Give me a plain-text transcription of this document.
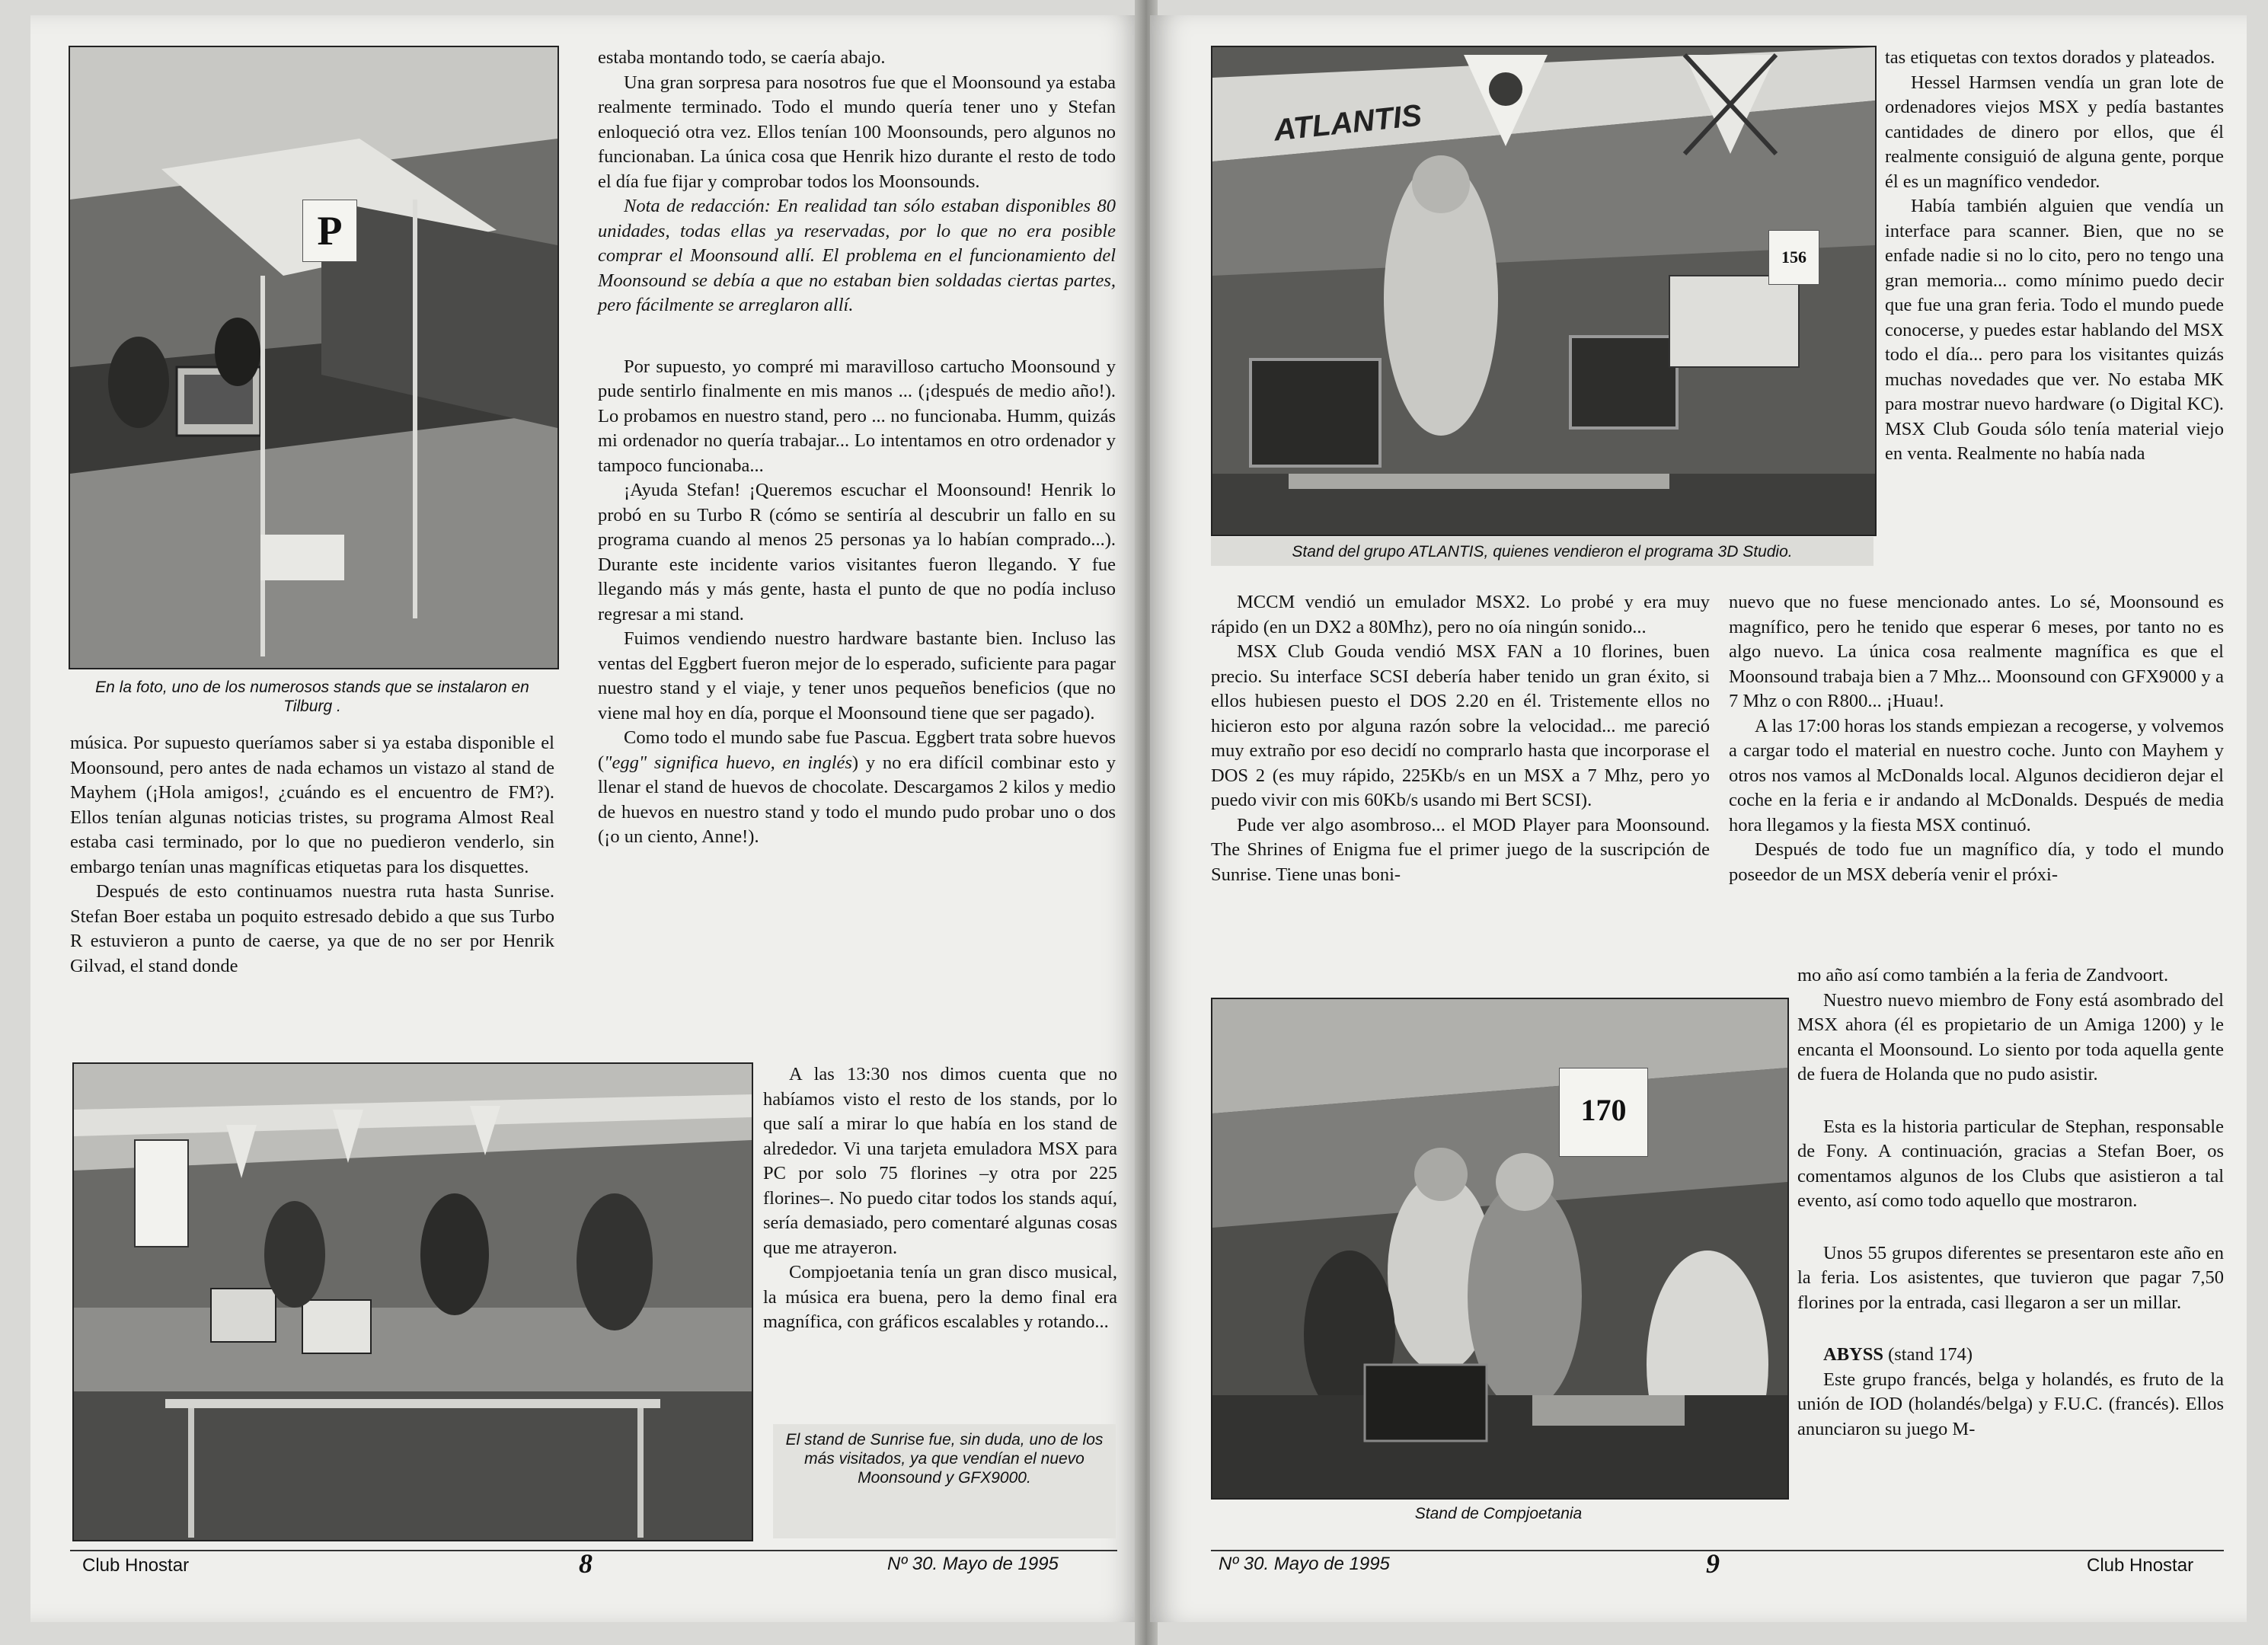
P
En la foto, uno de los numerosos stands que se instalaron en Tilburg .

música. Por supuesto queríamos saber si ya estaba disponible el Moonsound, pero antes de nada echamos un vistazo al stand de Mayhem (¡Hola amigos!, ¿cuándo es el encuentro de FM?). Ellos tenían algunas noticias tristes, su programa Almost Real estaba casi terminado, por lo que no puedieron venderlo, sin embargo tenían unas magníficas etiquetas para los disquettes.

Después de esto continuamos nuestra ruta hasta Sunrise. Stefan Boer estaba un poquito estresado debido a que sus Turbo R estuvieron a punto de caerse, ya que de no ser por Henrik Gilvad, el stand donde

estaba montando todo, se caería abajo.

Una gran sorpresa para nosotros fue que el Moonsound ya estaba realmente terminado. Todo el mundo quería tener uno y Stefan enloqueció otra vez. Ellos tenían 100 Moonsounds, pero algunos no funcionaban. La única cosa que Henrik hizo durante el resto de todo el día fue fijar y comprobar todos los Moonsounds.

Nota de redacción: En realidad tan sólo estaban disponibles 80 unidades, todas ellas ya reservadas, por lo que no era posible comprar el Moonsound allí. El problema en el funcionamiento del Moonsound se debía a que no estaban bien soldadas ciertas partes, pero fácilmente se arreglaron allí.

Por supuesto, yo compré mi maravilloso cartucho Moonsound y pude sentirlo finalmente en mis manos ... (¡después de medio año!). Lo probamos en nuestro stand, pero ... no funcionaba. Humm, quizás mi ordenador no quería trabajar... Lo intentamos en otro ordenador y tampoco funcionaba...

¡Ayuda Stefan! ¡Queremos escuchar el Moonsound! Henrik lo probó en su Turbo R (cómo se sentiría al descubrir un fallo en su programa cuando al menos 25 personas ya lo habían comprado...). Durante este incidente varios visitantes fueron llegando. Y fue llegando más y más gente, hasta el punto de que no podía incluso regresar a mi stand.

Fuimos vendiendo nuestro hardware bastante bien. Incluso las ventas del Eggbert fueron mejor de lo esperado, suficiente para pagar nuestro stand y el viaje, y tener unos pequeños beneficios (que no viene mal hoy en día, porque el Moonsound tiene que ser pagado).

Como todo el mundo sabe fue Pascua. Eggbert trata sobre huevos ("egg" significa huevo, en inglés) y no era difícil combinar esto y llenar el stand de huevos de chocolate. Descargamos 2 kilos y medio de huevos en nuestro stand y todo el mundo pudo probar uno o dos (¡o un ciento, Anne!).

A las 13:30 nos dimos cuenta que no habíamos visto el resto de los stands, por lo que salí a mirar lo que había en los stand de alrededor. Vi una tarjeta emuladora MSX para PC por solo 75 florines –y otra por 225 florines–. No puedo citar todos los stands aquí, sería demasiado, pero comentaré algunas cosas que me atrayeron.

Compjoetania tenía un gran disco musical, la música era buena, pero la demo final era magnífica, con gráficos escalables y rotando...

El stand de Sunrise fue, sin duda, uno de los más visitados, ya que vendían el nuevo Moonsound y GFX9000.
Club Hnostar	8	Nº 30. Mayo de 1995
156
ATLANTIS
Stand del grupo ATLANTIS, quienes vendieron el programa 3D Studio.

tas etiquetas con textos dorados y plateados.

Hessel Harmsen vendía un gran lote de ordenadores viejos MSX y pedía bastantes cantidades de dinero por ellos, que él realmente consiguió de alguna gente, porque él es un magnífico vendedor.

Había también alguien que vendía un interface para scanner. Bien, que no se enfade nadie si no lo cito, pero no tengo una gran memoria... como mínimo puedo decir que fue una gran feria. Todo el mundo puede conocerse, y puedes estar hablando del MSX todo el día... pero para los visitantes quizás muchas novedades que ver. No estaba MK para mostrar nuevo hardware (o Digital KC). MSX Club Gouda sólo tenía material viejo en venta. Realmente no había nada

MCCM vendió un emulador MSX2. Lo probé y era muy rápido (en un DX2 a 80Mhz), pero no oía ningún sonido...

MSX Club Gouda vendió MSX FAN a 10 florines, buen precio. Su interface SCSI debería haber tenido un gran éxito, si ellos hubiesen puesto el DOS 2.20 en él. Tristemente ellos no hicieron esto por alguna razón sobre la velocidad... me pareció muy extraño por eso decidí no comprarlo hasta que incorporase el DOS 2 (es muy rápido, 225Kb/s en un MSX a 7 Mhz, pero yo puedo vivir con mis 60Kb/s usando mi Bert SCSI).

Pude ver algo asombroso... el MOD Player para Moonsound. The Shrines of Enigma fue el primer juego de la suscripción de Sunrise. Tiene unas boni-

nuevo que no fuese mencionado antes. Lo sé, Moonsound es magnífico, pero he tenido que esperar 6 meses, por tanto no es algo nuevo. La única cosa realmente magnífica es que el Moonsound trabaja bien a 7 Mhz... Moonsound con GFX9000 y a 7 Mhz o con R800... ¡Huau!.

A las 17:00 horas los stands empiezan a recogerse, y volvemos a cargar todo el material en nuestro coche. Junto con Mayhem y otros nos vamos al McDonalds local. Algunos decidieron dejar el coche en la feria e ir andando al McDonalds. Después de media hora llegamos y la fiesta MSX continuó.

Después de todo fue un magnífico día, y todo el mundo poseedor de un MSX debería venir el próxi-

170
Stand de Compjoetania

mo año así como también a la feria de Zandvoort.

Nuestro nuevo miembro de Fony está asombrado del MSX ahora (él es propietario de un Amiga 1200) y le encanta el Moonsound. Lo siento por toda aquella gente de fuera de Holanda que no pudo asistir.

Esta es la historia particular de Stephan, responsable de Fony. A continuación, gracias a Stefan Boer, os comentamos algunos de los Clubs que asistieron a tal evento, así como todo aquello que mostraron.

Unos 55 grupos diferentes se presentaron este año en la feria. Los asistentes, que tuvieron que pagar 7,50 florines por la entrada, casi llegaron a ser un millar.

ABYSS (stand 174)

Este grupo francés, belga y holandés, es fruto de la unión de IOD (holandés/belga) y F.U.C. (francés). Ellos anunciaron su juego M-

Nº 30. Mayo de 1995	9	Club Hnostar
